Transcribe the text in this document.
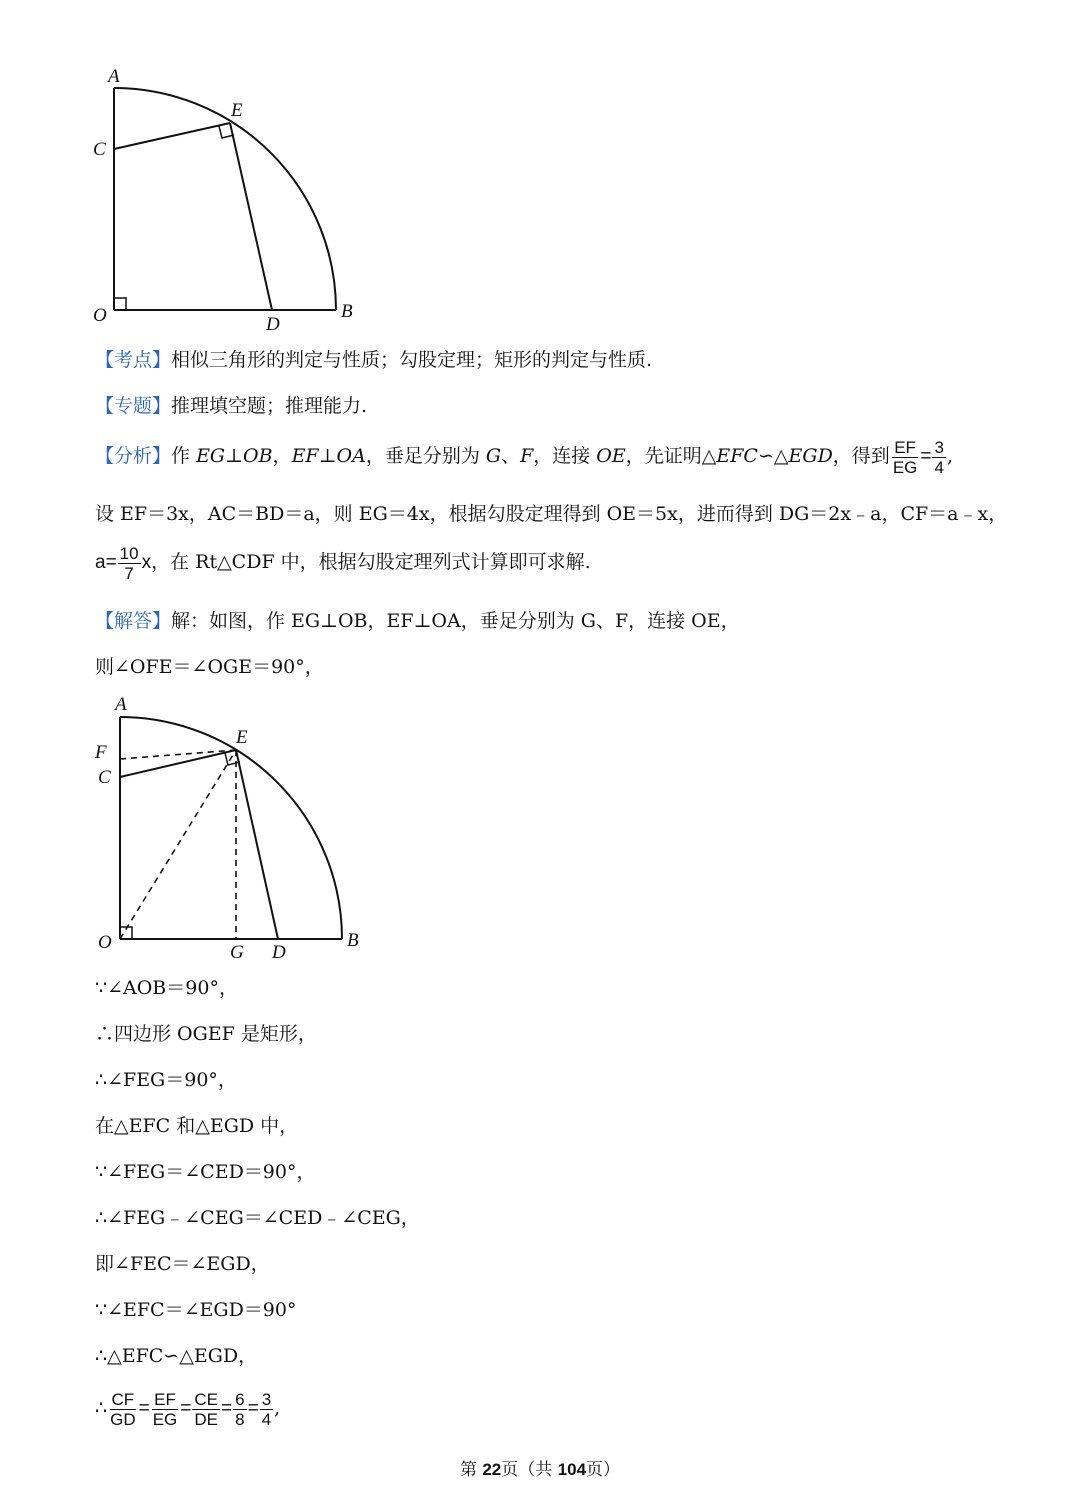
A
E
C
O	D
B
【考点】相似三角形的判定与性质；勾股定理；矩形的判定与性质.
【专题】推理填空题；推理能力.
【分析】作 EG⊥OB，EF⊥OA，垂足分别为 G、F，连接 OE，先证明△EFC∽△EGD，得到 $\frac{EF}{EG} = \frac{3}{4}$ ,
设 EF＝3x，AC＝BD＝a，则 EG＝4x，根据勾股定理得到 OE＝5x，进而得到 DG＝2x﹣a，CF＝a﹣x，
$a= \frac{10}{7}$ x，在 Rt△CDF 中，根据勾股定理列式计算即可求解.
【解答】解：如图，作 EG⊥OB，EF⊥OA，垂足分别为 G、F，连接 OE，
则∠OFE＝∠OGE＝90°，
A
E
F
C
O	G D
B
∵∠AOB＝90°，
∴四边形 OGEF 是矩形，
∴∠FEG＝90°，
在△EFC 和△EGD 中，
∵∠FEG＝∠CED＝90°，
∴∠FEG﹣∠CEG＝∠CED﹣∠CEG，
即∠FEC＝∠EGD，
∵∠EFC＝∠EGD＝90°
∴△EFC∽△EGD，
∴ $\frac{CF}{GD} = \frac{EF}{EG} = \frac{CE}{DE} = \frac{6}{8} = \frac{3}{4}$ ,
第 22页（共 104页）
